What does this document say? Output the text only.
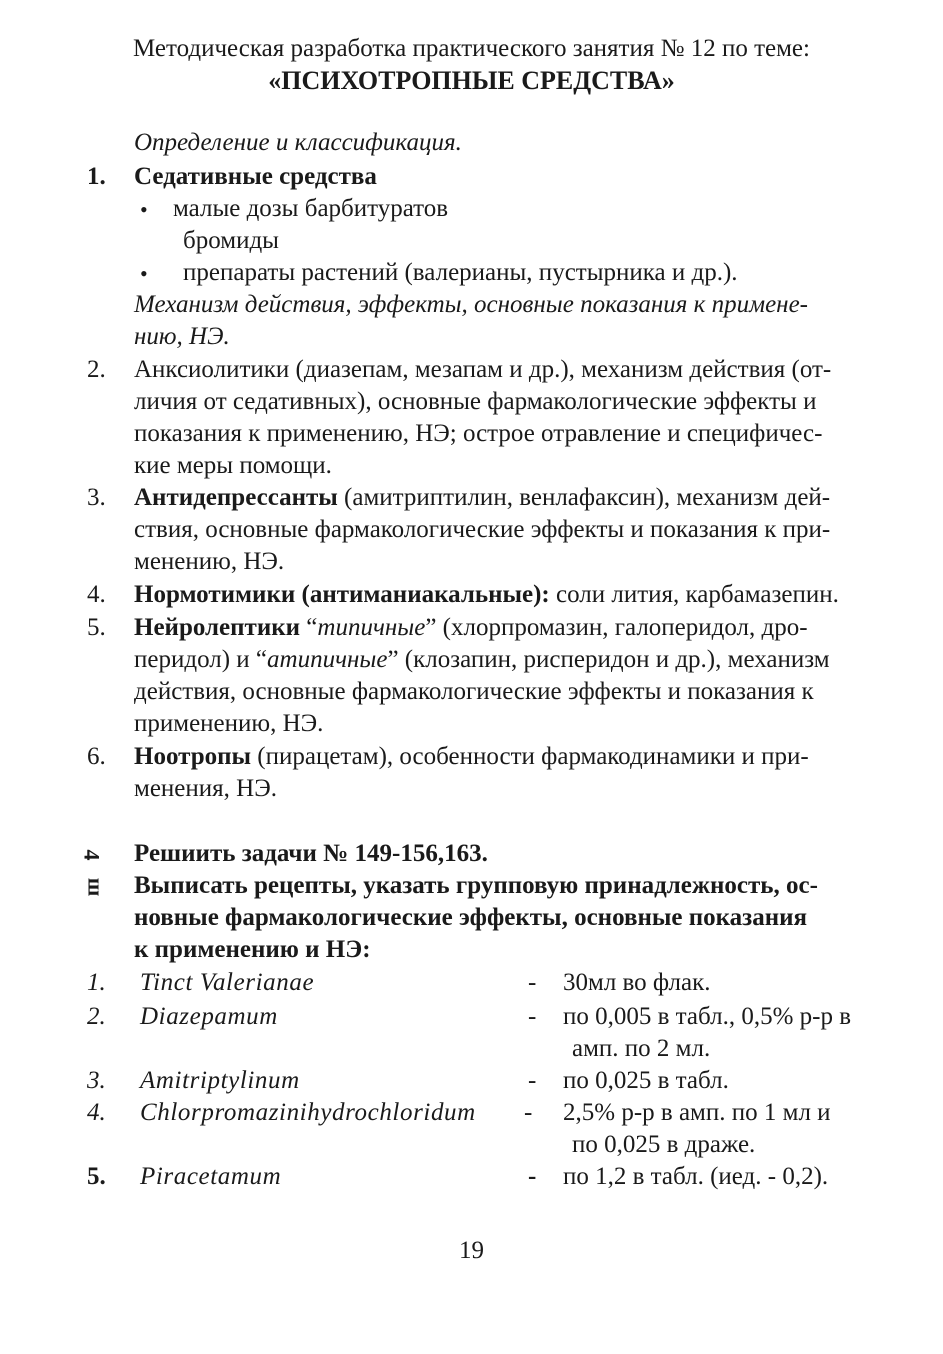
Методическая разработка практического занятия № 12 по теме:
«ПСИХОТРОПНЫЕ СРЕДСТВА»
Определение и классификация.
1. Седативные средства
• малые дозы барбитуратов
бромиды
• препараты растений (валерианы, пустырника и др.).
Механизм действия, эффекты, основные показания к примене-
нию, НЭ.
2. Анксиолитики (диазепам, мезапам и др.), механизм действия (от-
личия от седативных), основные фармакологические эффекты и
показания к применению, НЭ; острое отравление и специфичес-
кие меры помощи.
3. Антидепрессанты (амитриптилин, венлафаксин), механизм дей-
ствия, основные фармакологические эффекты и показания к при-
менению, НЭ.
4. Нормотимики (антиманиакальные): соли лития, карбамазепин.
5. Нейролептики “типичные” (хлорпромазин, галоперидол, дро-
перидол) и “атипичные” (клозапин, рисперидон и др.), механизм
действия, основные фармакологические эффекты и показания к
применению, НЭ.
6. Ноотропы (пирацетам), особенности фармакодинамики и при-
менения, НЭ.
4 Решиить задачи № 149-156,163.
ш Выписать рецепты, указать групповую принадлежность, ос-
новные фармакологические эффекты, основные показания
к применению и НЭ:
1. Tinct Valerianae	- 30мл во флак.
2. Diazepamum	- по 0,005 в табл., 0,5% р-р в
амп. по 2 мл.
3. Amitriptylinum	- по 0,025 в табл.
4. Chlorpromazinihydrochloridum - 2,5% р-р в амп. по 1 мл и
по 0,025 в драже.
5. Piracetamum	- по 1,2 в табл. (иед. - 0,2).
19
